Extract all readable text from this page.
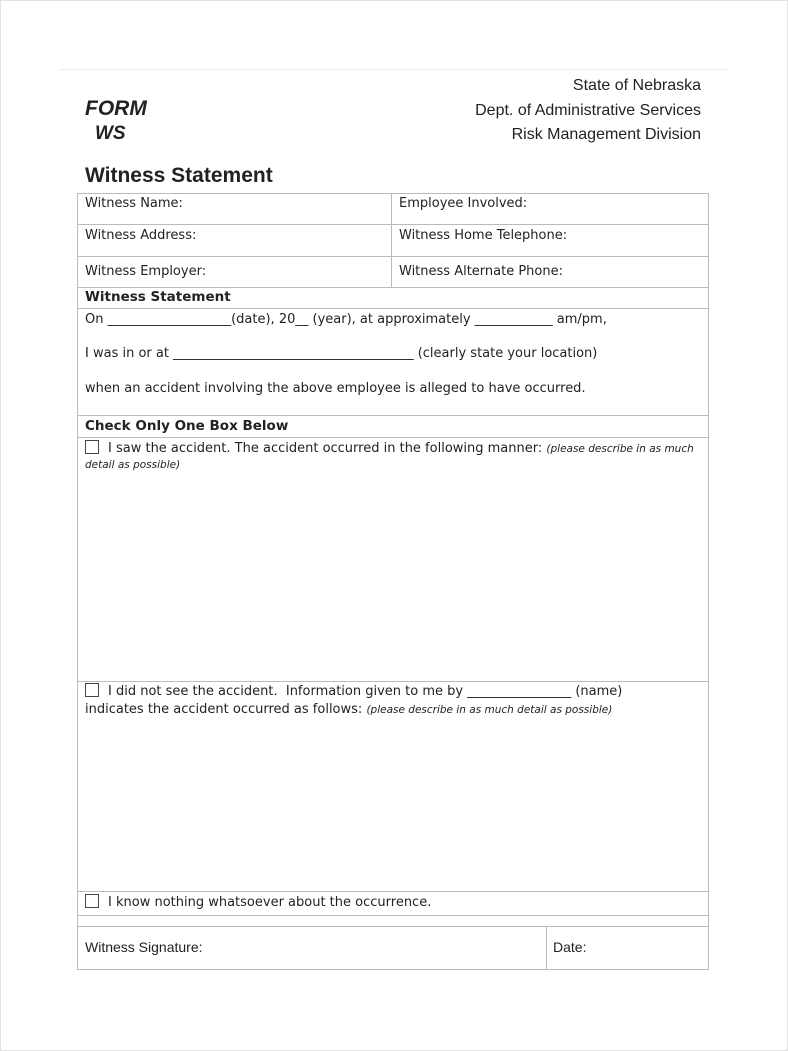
FORM
WS
State of Nebraska
Dept. of Administrative Services
Risk Management Division
Witness Statement
Witness Name:	Employee Involved:
Witness Address:	Witness Home Telephone:
Witness Employer:	Witness Alternate Phone:
Witness Statement
On ___________________(date), 20__ (year), at approximately ____________ am/pm,
I was in or at _____________________________________ (clearly state your location)
when an accident involving the above employee is alleged to have occurred.
Check Only One Box Below
I saw the accident. The accident occurred in the following manner: (please describe in as much detail as possible)
I did not see the accident.  Information given to me by ________________ (name)
indicates the accident occurred as follows: (please describe in as much detail as possible)
I know nothing whatsoever about the occurrence.
Witness Signature:	Date:
